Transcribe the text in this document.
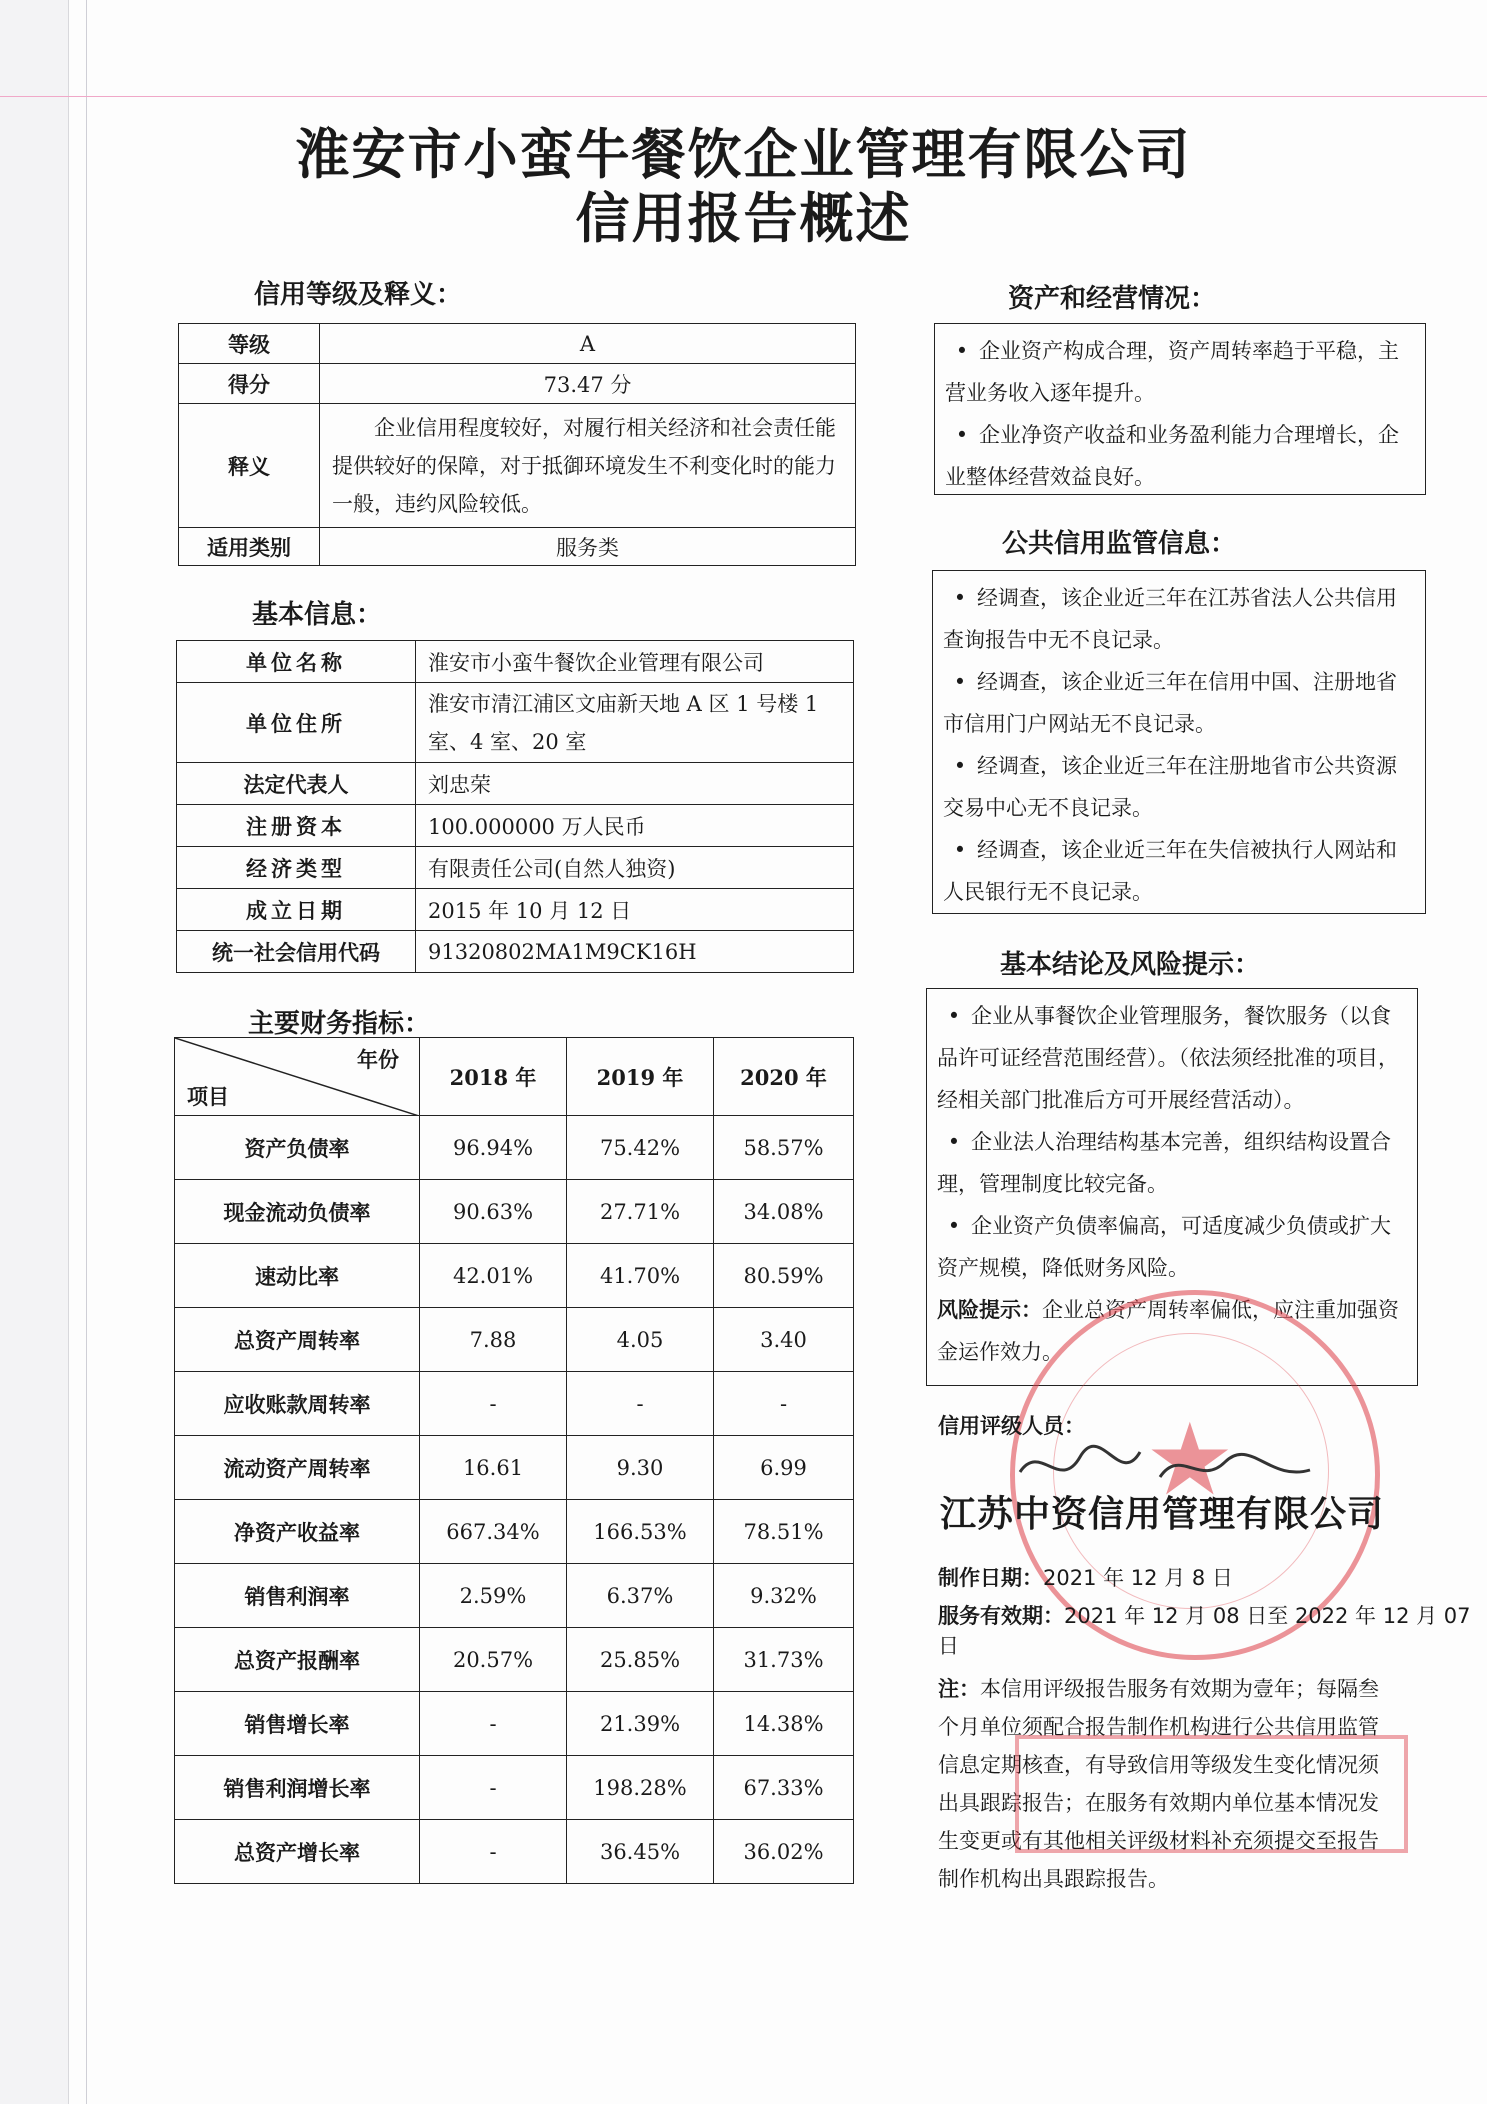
淮安市小蛮牛餐饮企业管理有限公司
信用报告概述
信用等级及释义：
等级	A
得分	73.47 分
释义	企业信用程度较好，对履行相关经济和社会责任能提供较好的保障，对于抵御环境发生不利变化时的能力一般，违约风险较低。
适用类别	服务类
基本信息：
单位名称	淮安市小蛮牛餐饮企业管理有限公司
单位住所	淮安市清江浦区文庙新天地 A 区 1 号楼 1 室、4 室、20 室
法定代表人	刘忠荣
注册资本	100.000000 万人民币
经济类型	有限责任公司(自然人独资)
成立日期	2015 年 10 月 12 日
统一社会信用代码	91320802MA1M9CK16H
主要财务指标：
年份
项目	2018 年	2019 年	2020 年
资产负债率	96.94%	75.42%	58.57%
现金流动负债率	90.63%	27.71%	34.08%
速动比率	42.01%	41.70%	80.59%
总资产周转率	7.88	4.05	3.40
应收账款周转率	-	-	-
流动资产周转率	16.61	9.30	6.99
净资产收益率	667.34%	166.53%	78.51%
销售利润率	2.59%	6.37%	9.32%
总资产报酬率	20.57%	25.85%	31.73%
销售增长率	-	21.39%	14.38%
销售利润增长率	-	198.28%	67.33%
总资产增长率	-	36.45%	36.02%
资产和经营情况：

• 企业资产构成合理，资产周转率趋于平稳，主营业务收入逐年提升。

• 企业净资产收益和业务盈利能力合理增长，企业整体经营效益良好。

公共信用监管信息：

• 经调查，该企业近三年在江苏省法人公共信用查询报告中无不良记录。

• 经调查，该企业近三年在信用中国、注册地省市信用门户网站无不良记录。

• 经调查，该企业近三年在注册地省市公共资源交易中心无不良记录。

• 经调查，该企业近三年在失信被执行人网站和人民银行无不良记录。

基本结论及风险提示：

• 企业从事餐饮企业管理服务，餐饮服务（以食品许可证经营范围经营）。（依法须经批准的项目，经相关部门批准后方可开展经营活动）。

• 企业法人治理结构基本完善，组织结构设置合理，管理制度比较完备。

• 企业资产负债率偏高，可适度减少负债或扩大资产规模，降低财务风险。

风险提示：企业总资产周转率偏低，应注重加强资金运作效力。

★
信用评级人员：
江苏中资信用管理有限公司
制作日期：2021 年 12 月 8 日
服务有效期：2021 年 12 月 08 日至 2022 年 12 月 07 日
注：本信用评级报告服务有效期为壹年；每隔叁个月单位须配合报告制作机构进行公共信用监管信息定期核查，有导致信用等级发生变化情况须出具跟踪报告；在服务有效期内单位基本情况发生变更或有其他相关评级材料补充须提交至报告制作机构出具跟踪报告。
